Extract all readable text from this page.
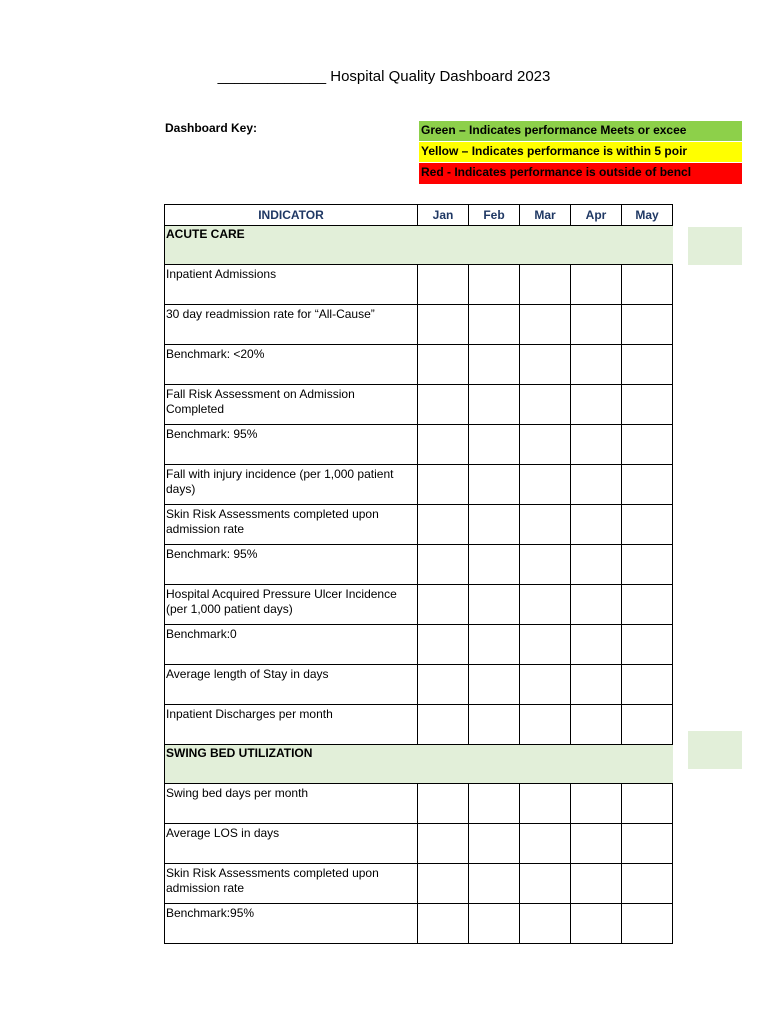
_____________ Hospital Quality Dashboard 2023
Dashboard Key:	Green – Indicates performance Meets or excee
Yellow – Indicates performance is within 5 poir
Red - Indicates performance is outside of bencl
INDICATOR	Jan	Feb	Mar	Apr	May
ACUTE CARE					
Inpatient Admissions					
30 day readmission rate for “All-Cause”					
Benchmark: <20%					
Fall Risk Assessment on Admission Completed					
Benchmark: 95%					
Fall with injury incidence (per 1,000 patient days)					
Skin Risk Assessments completed upon admission rate					
Benchmark: 95%					
Hospital Acquired Pressure Ulcer Incidence (per 1,000 patient days)					
Benchmark:0					
Average length of Stay in days					
Inpatient Discharges per month					
SWING BED UTILIZATION					
Swing bed days per month					
Average LOS in days					
Skin Risk Assessments completed upon admission rate					
Benchmark:95%					
